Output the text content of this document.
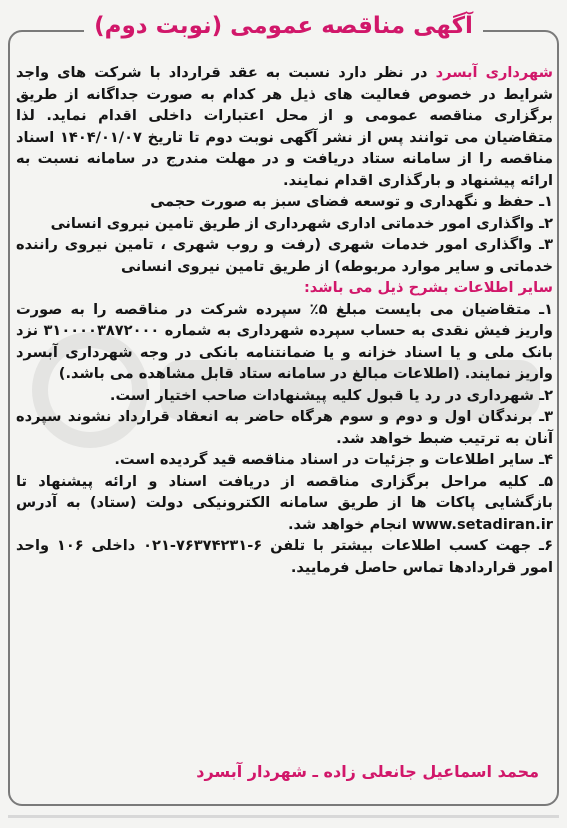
آگهی مناقصه عمومی (نوبت دوم)

شهرداری آبسرد در نظر دارد نسبت به عقد قرارداد با شرکت های واجد شرایط در خصوص فعالیت های ذیل هر کدام به صورت جداگانه از طریق برگزاری مناقصه عمومی و از محل اعتبارات داخلی اقدام نماید. لذا متقاضیان می توانند پس از نشر آگهی نوبت دوم تا تاریخ ۱۴۰۴/۰۱/۰۷ اسناد مناقصه را از سامانه ستاد دریافت و در مهلت مندرج در سامانه نسبت به ارائه پیشنهاد و بارگذاری اقدام نمایند.

۱ـ حفظ و نگهداری و توسعه فضای سبز به صورت حجمی

۲ـ واگذاری امور خدماتی اداری شهرداری از طریق تامین نیروی انسانی

۳ـ واگذاری امور خدمات شهری (رفت و روب شهری ، تامین نیروی راننده خدماتی و سایر موارد مربوطه) از طریق تامین نیروی انسانی

سایر اطلاعات بشرح ذیل می باشد:

۱ـ متقاضیان می بایست مبلغ ۵٪ سپرده شرکت در مناقصه را به صورت واریز فیش نقدی به حساب سپرده شهرداری به شماره ۳۱۰۰۰۰۳۸۷۲۰۰۰ نزد بانک ملی و یا اسناد خزانه و یا ضمانتنامه بانکی در وجه شهرداری آبسرد واریز نمایند. (اطلاعات مبالغ در سامانه ستاد قابل مشاهده می باشد.)

۲ـ شهرداری در رد یا قبول کلیه پیشنهادات صاحب اختیار است.

۳ـ برندگان اول و دوم و سوم هرگاه حاضر به انعقاد قرارداد نشوند سپرده آنان به ترتیب ضبط خواهد شد.

۴ـ سایر اطلاعات و جزئیات در اسناد مناقصه قید گردیده است.

۵ـ کلیه مراحل برگزاری مناقصه از دریافت اسناد و ارائه پیشنهاد تا بازگشایی پاکات ها از طریق سامانه الکترونیکی دولت (ستاد) به آدرس www.setadiran.ir انجام خواهد شد.

۶ـ جهت کسب اطلاعات بیشتر با تلفن ۶-۷۶۳۷۴۲۳۱-۰۲۱ داخلی ۱۰۶ واحد امور قراردادها تماس حاصل فرمایید.

محمد اسماعیل جانعلی زاده ـ شهردار آبسرد
